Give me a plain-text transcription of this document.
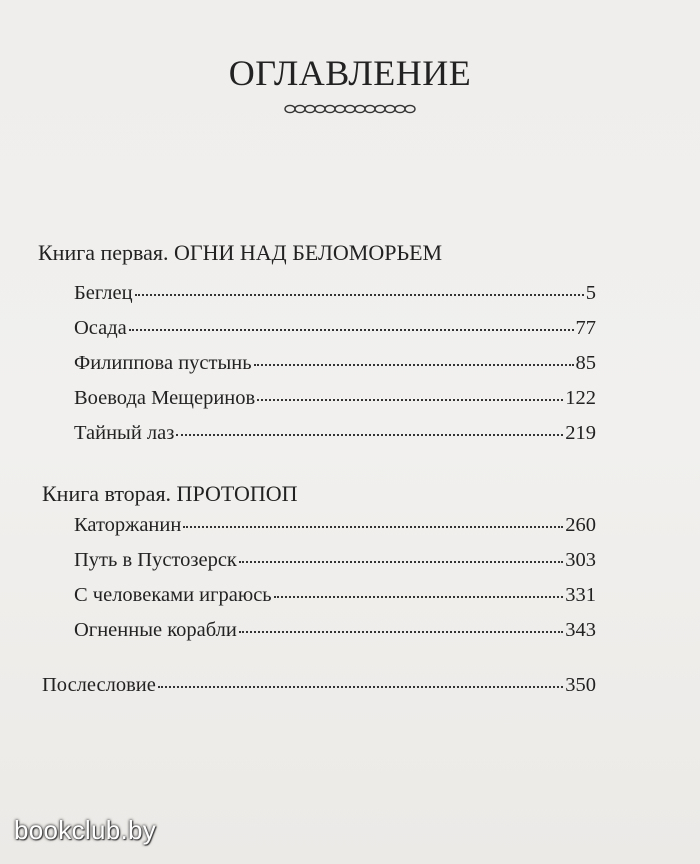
ОГЛАВЛЕНИЕ
Книга первая. ОГНИ НАД БЕЛОМОРЬЕМ
Беглец	5
Осада	77
Филиппова пустынь	85
Воевода Мещеринов	122
Тайный лаз	219
Книга вторая. ПРОТОПОП
Каторжанин	260
Путь в Пустозерск	303
С человеками играюсь	331
Огненные корабли	343
Послесловие	350
bookclub.by
